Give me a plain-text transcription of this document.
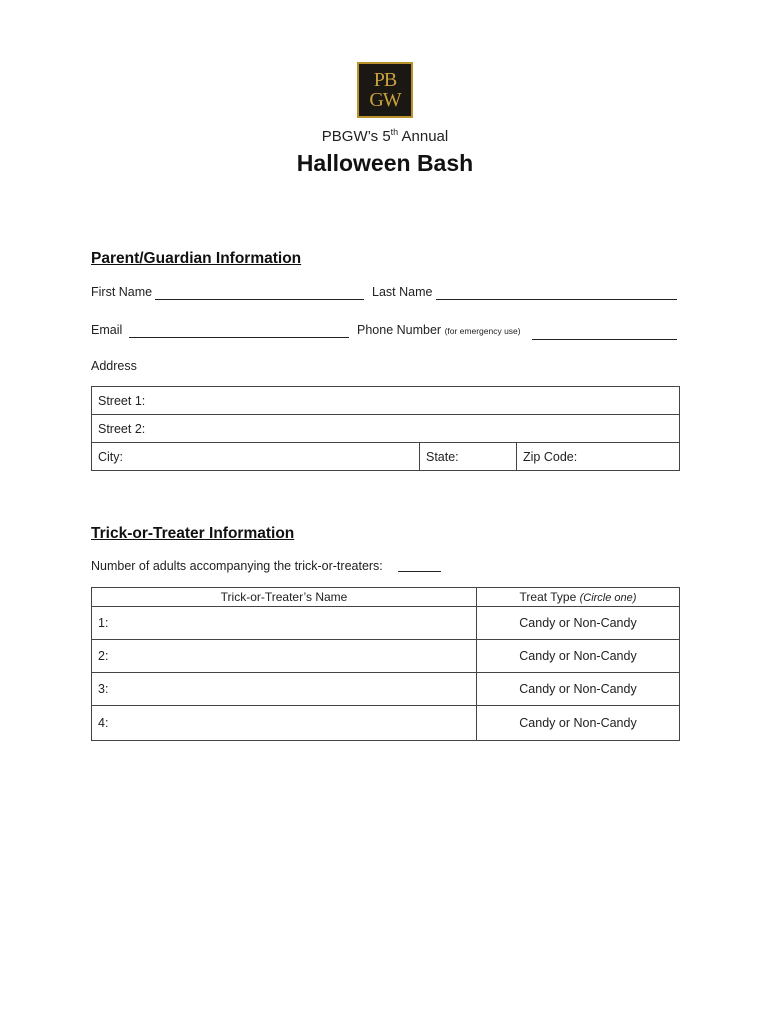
PB
GW
PBGW’s 5th Annual
Halloween Bash
Parent/Guardian Information
First Name	Last Name
Email	Phone Number (for emergency use)
Address
Street 1:
Street 2:
City:	State:	Zip Code:
Trick-or-Treater Information
Number of adults accompanying the trick-or-treaters:
Trick-or-Treater’s Name	Treat Type (Circle one)
1:	Candy or Non-Candy
2:	Candy or Non-Candy
3:	Candy or Non-Candy
4:	Candy or Non-Candy
